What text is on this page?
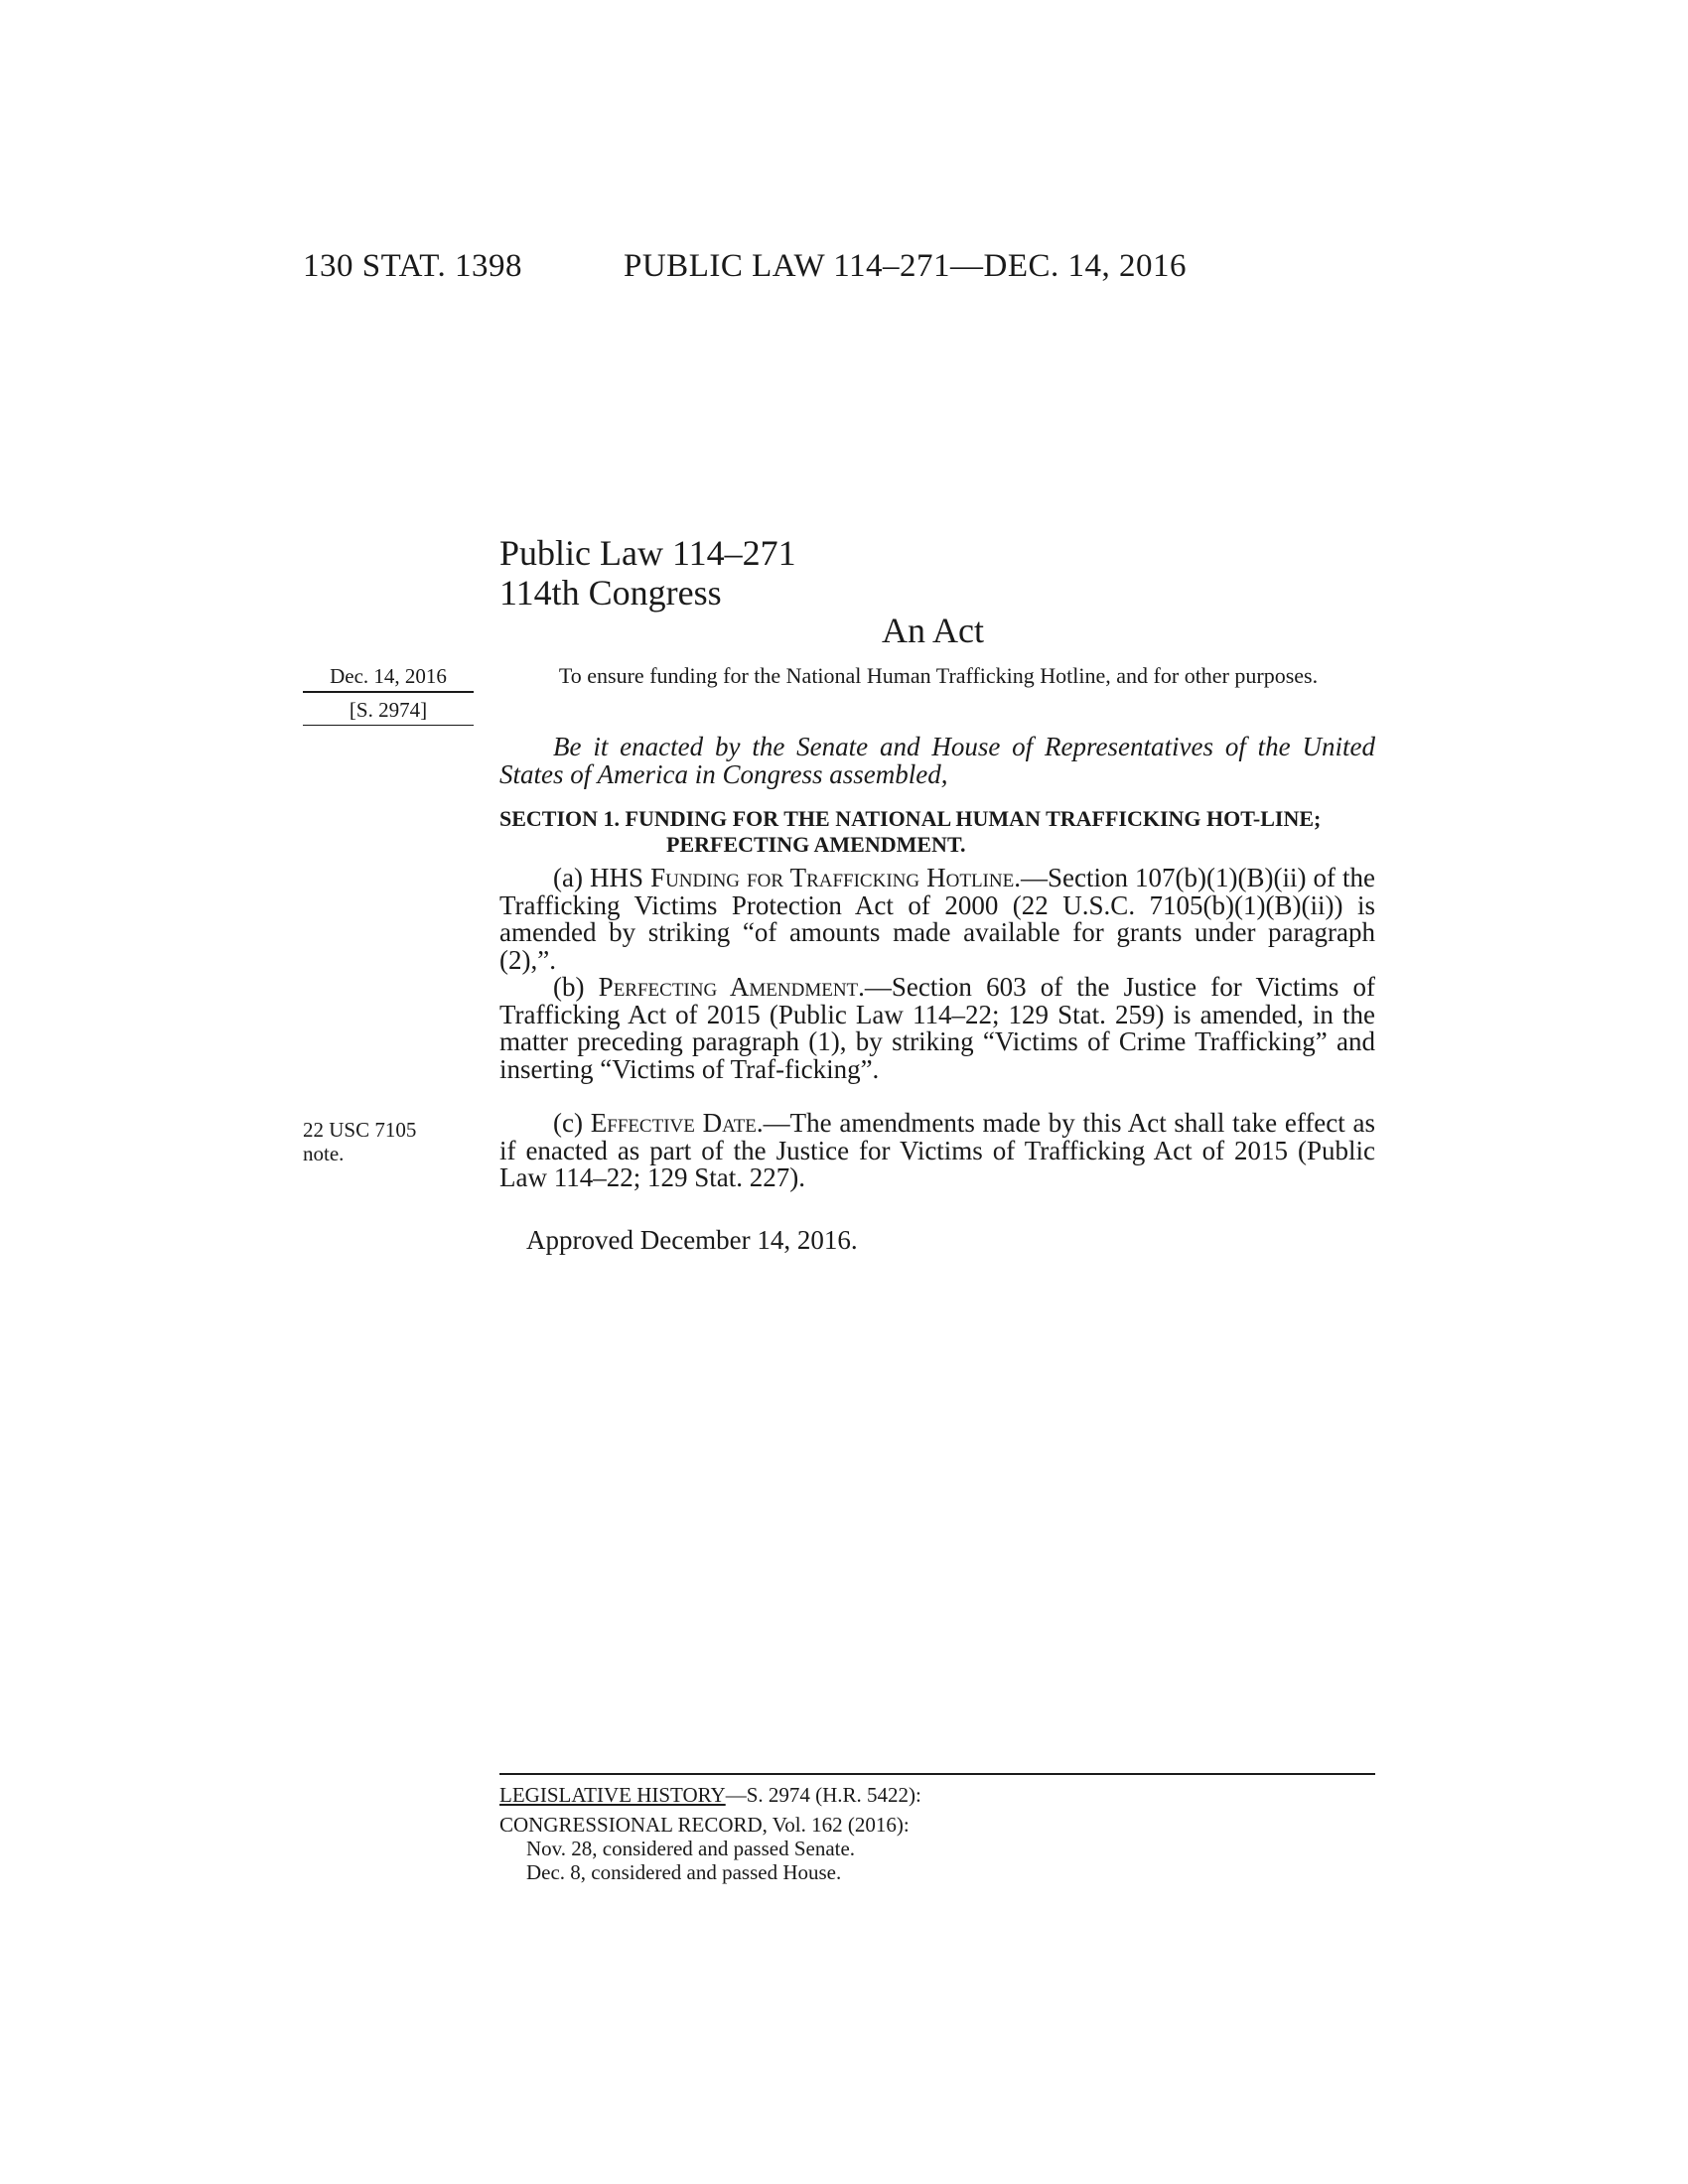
130 STAT. 1398	PUBLIC LAW 114–271—DEC. 14, 2016
Public Law 114–271
114th Congress
An Act
Dec. 14, 2016
[S. 2974]
To ensure funding for the National Human Trafficking Hotline, and for other purposes.
Be it enacted by the Senate and House of Representatives of the United States of America in Congress assembled,
SECTION 1. FUNDING FOR THE NATIONAL HUMAN TRAFFICKING HOT-LINE; PERFECTING AMENDMENT.

(a) HHS Funding for Trafficking Hotline.—Section 107(b)(1)(B)(ii) of the Trafficking Victims Protection Act of 2000 (22 U.S.C. 7105(b)(1)(B)(ii)) is amended by striking “of amounts made available for grants under paragraph (2),”.

(b) Perfecting Amendment.—Section 603 of the Justice for Victims of Trafficking Act of 2015 (Public Law 114–22; 129 Stat. 259) is amended, in the matter preceding paragraph (1), by striking “Victims of Crime Trafficking” and inserting “Victims of Traf-ficking”.

22 USC 7105 note.

(c) Effective Date.—The amendments made by this Act shall take effect as if enacted as part of the Justice for Victims of Trafficking Act of 2015 (Public Law 114–22; 129 Stat. 227).

Approved December 14, 2016.
LEGISLATIVE HISTORY—S. 2974 (H.R. 5422):
CONGRESSIONAL RECORD, Vol. 162 (2016):
Nov. 28, considered and passed Senate.
Dec. 8, considered and passed House.
